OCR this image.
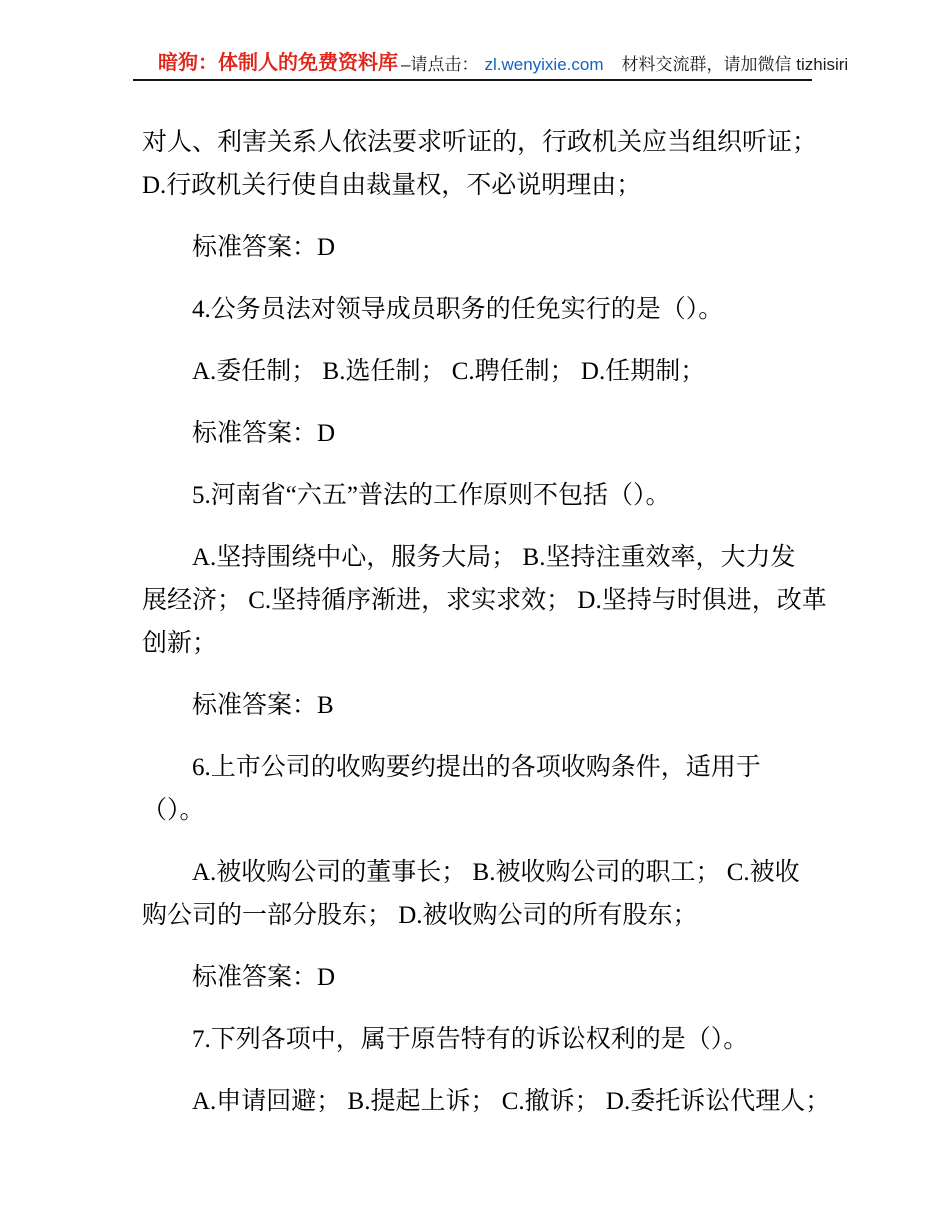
暗狗：体制人的免费资料库 –请点击： zl.wenyixie.com 材料交流群，请加微信 tizhisiri
对人、利害关系人依法要求听证的，行政机关应当组织听证；
D.行政机关行使自由裁量权，不必说明理由；
标准答案：D
4.公务员法对领导成员职务的任免实行的是（）。
A.委任制； B.选任制； C.聘任制； D.任期制；
标准答案：D
5.河南省“六五”普法的工作原则不包括（）。
A.坚持围绕中心，服务大局； B.坚持注重效率，大力发
展经济； C.坚持循序渐进，求实求效； D.坚持与时俱进，改革
创新；
标准答案：B
6.上市公司的收购要约提出的各项收购条件，适用于
（）。
A.被收购公司的董事长； B.被收购公司的职工； C.被收
购公司的一部分股东； D.被收购公司的所有股东；
标准答案：D
7.下列各项中，属于原告特有的诉讼权利的是（）。
A.申请回避； B.提起上诉； C.撤诉； D.委托诉讼代理人；
